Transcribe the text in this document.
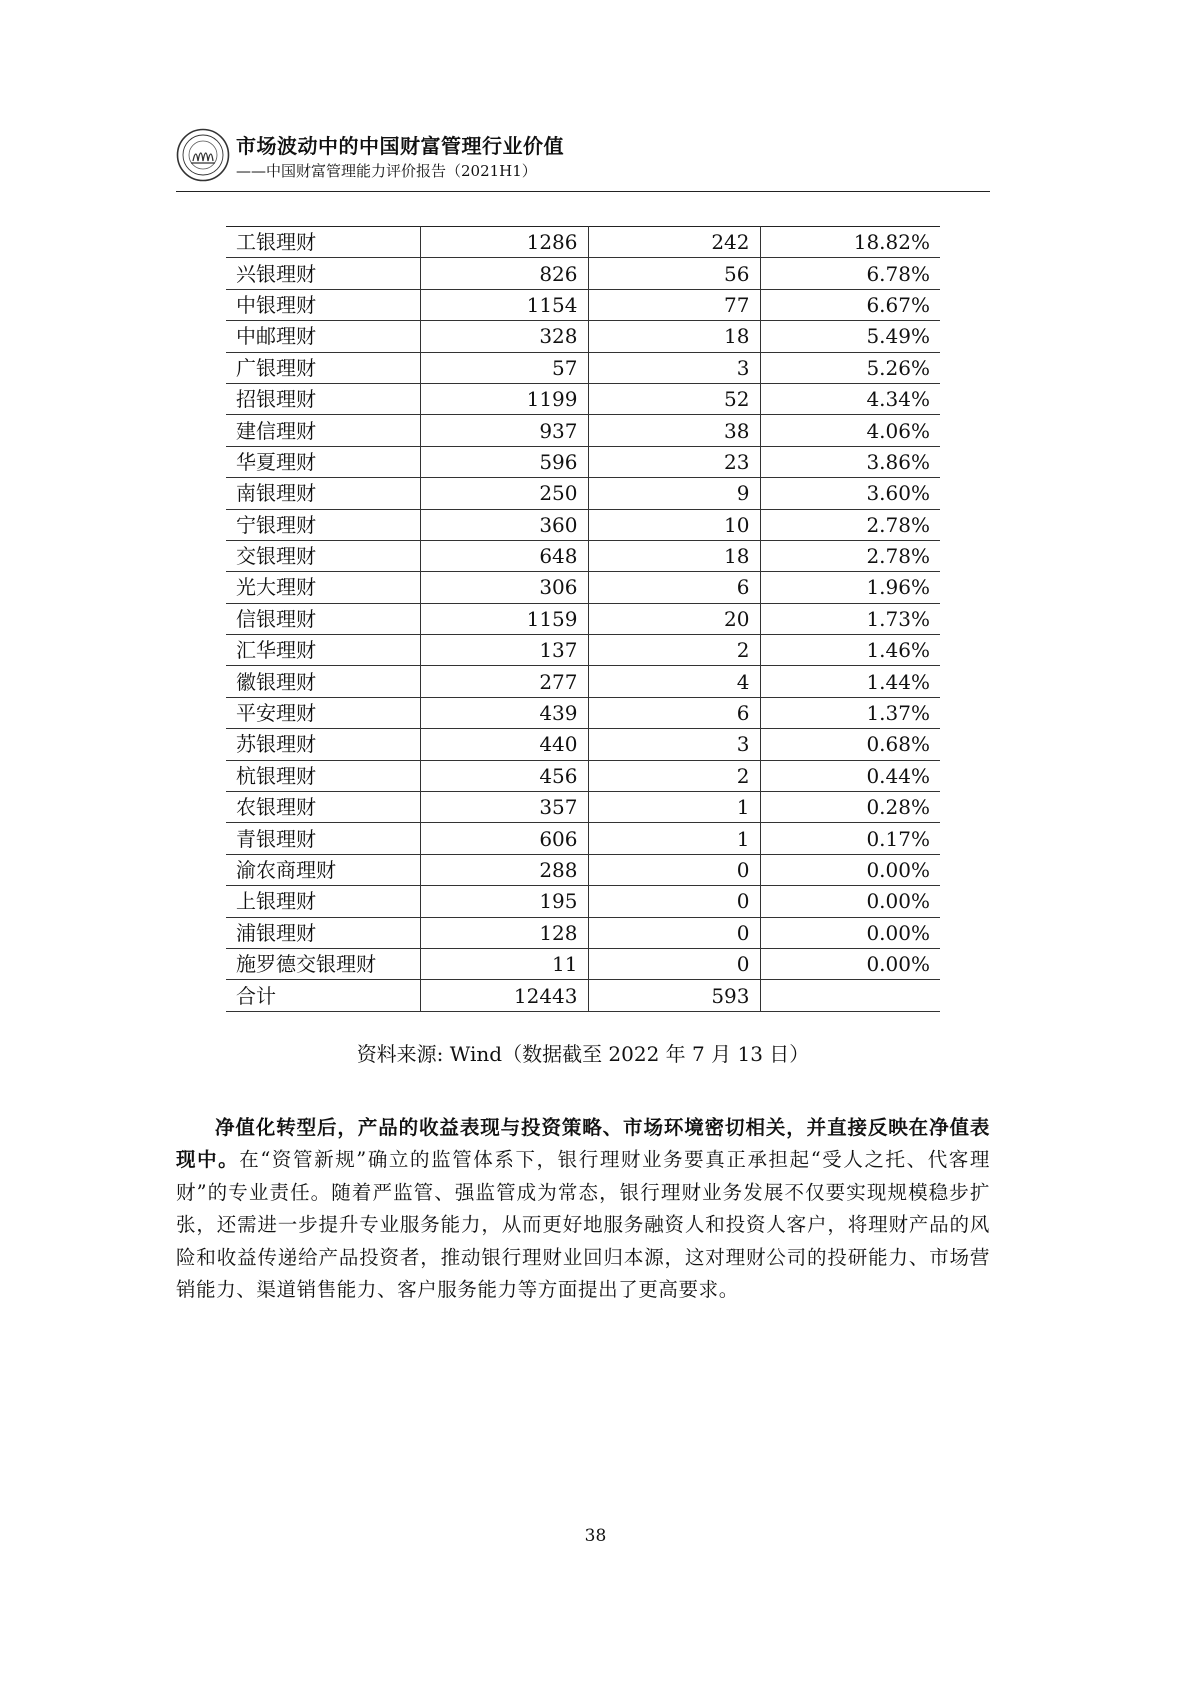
市场波动中的中国财富管理行业价值
——中国财富管理能力评价报告（2021H1）
工银理财	1286	242	18.82%
兴银理财	826	56	6.78%
中银理财	1154	77	6.67%
中邮理财	328	18	5.49%
广银理财	57	3	5.26%
招银理财	1199	52	4.34%
建信理财	937	38	4.06%
华夏理财	596	23	3.86%
南银理财	250	9	3.60%
宁银理财	360	10	2.78%
交银理财	648	18	2.78%
光大理财	306	6	1.96%
信银理财	1159	20	1.73%
汇华理财	137	2	1.46%
徽银理财	277	4	1.44%
平安理财	439	6	1.37%
苏银理财	440	3	0.68%
杭银理财	456	2	0.44%
农银理财	357	1	0.28%
青银理财	606	1	0.17%
渝农商理财	288	0	0.00%
上银理财	195	0	0.00%
浦银理财	128	0	0.00%
施罗德交银理财	11	0	0.00%
合计	12443	593	
资料来源: Wind（数据截至 2022 年 7 月 13 日）

净值化转型后，产品的收益表现与投资策略、市场环境密切相关，并直接反映在净值表现中。在“资管新规”确立的监管体系下，银行理财业务要真正承担起“受人之托、代客理财”的专业责任。随着严监管、强监管成为常态，银行理财业务发展不仅要实现规模稳步扩张，还需进一步提升专业服务能力，从而更好地服务融资人和投资人客户，将理财产品的风险和收益传递给产品投资者，推动银行理财业回归本源，这对理财公司的投研能力、市场营销能力、渠道销售能力、客户服务能力等方面提出了更高要求。

38
